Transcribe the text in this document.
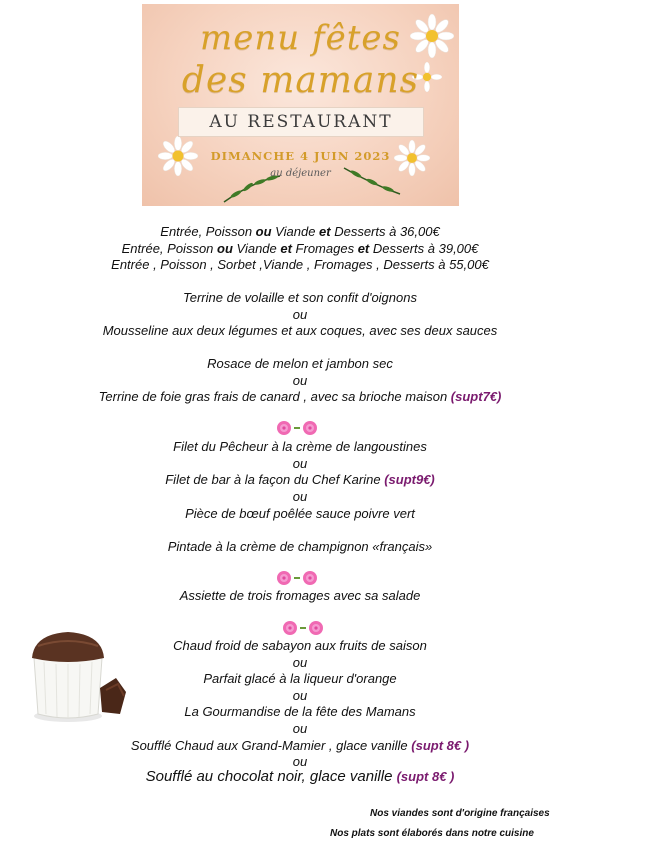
menu fêtes
des mamans
AU RESTAURANT
DIMANCHE 4 JUIN 2023
au déjeuner
Entrée, Poisson ou Viande et Desserts à 36,00€
Entrée, Poisson ou Viande et Fromages et Desserts à 39,00€
Entrée , Poisson , Sorbet ,Viande , Fromages , Desserts à 55,00€
Terrine de volaille et son confit d'oignons
ou
Mousseline aux deux légumes et aux coques, avec ses deux sauces
Rosace de melon et jambon sec
ou
Terrine de foie gras frais de canard , avec sa brioche maison (supt7€)
Filet du Pêcheur à la crème de langoustines
ou
Filet de bar à la façon du Chef Karine (supt9€)
ou
Pièce de bœuf poêlée sauce poivre vert
Pintade à la crème de champignon «français»
Assiette de trois fromages avec sa salade
Chaud froid de sabayon aux fruits de saison
ou
Parfait glacé à la liqueur d'orange
ou
La Gourmandise de la fête des Mamans
ou
Soufflé Chaud aux Grand-Mamier , glace vanille (supt 8€ )
ou
Soufflé au chocolat noir, glace vanille (supt 8€ )
Nos viandes sont d'origine françaises
Nos plats sont élaborés dans notre cuisine
